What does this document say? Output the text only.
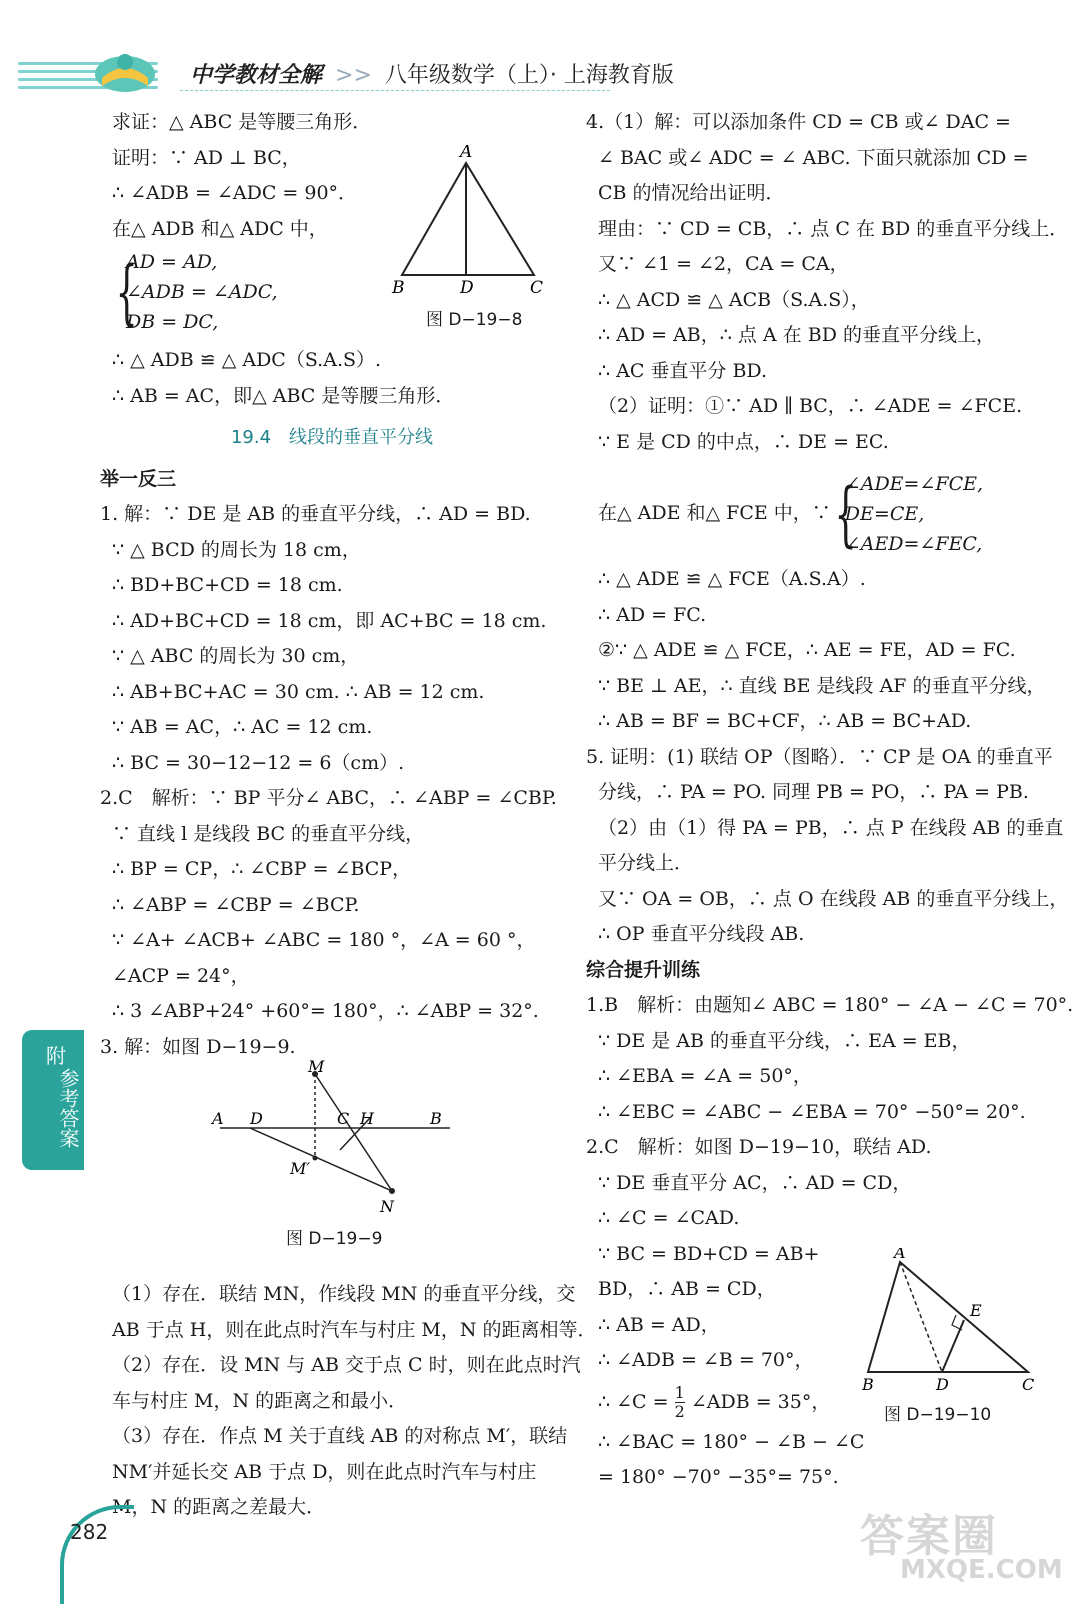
中学教材全解 >> 八年级数学（上）· 上海教育版
求证：△ ABC 是等腰三角形．
证明：∵ AD ⊥ BC，
∴ ∠ADB = ∠ADC = 90°．
在△ ADB 和△ ADC 中，
{
AD = AD,
∠ADB = ∠ADC,
DB = DC,
∴ △ ADB ≌ △ ADC（S.A.S）.
∴ AB = AC，即△ ABC 是等腰三角形．
19.4　线段的垂直平分线
举一反三
1. 解：∵ DE 是 AB 的垂直平分线，∴ AD = BD.
∵ △ BCD 的周长为 18 cm，
∴ BD+BC+CD = 18 cm.
∴ AD+BC+CD = 18 cm，即 AC+BC = 18 cm.
∵ △ ABC 的周长为 30 cm，
∴ AB+BC+AC = 30 cm. ∴ AB = 12 cm.
∵ AB = AC，∴ AC = 12 cm.
∴ BC = 30−12−12 = 6（cm）.
2.C　解析：∵ BP 平分∠ ABC，∴ ∠ABP = ∠CBP.
∵ 直线 l 是线段 BC 的垂直平分线，
∴ BP = CP，∴ ∠CBP = ∠BCP，
∴ ∠ABP = ∠CBP = ∠BCP.
∵ ∠A+ ∠ACB+ ∠ABC = 180 °，∠A = 60 °，
∠ACP = 24°，
∴ 3 ∠ABP+24° +60°= 180°，∴ ∠ABP = 32°.
3. 解：如图 D−19−9.
（1）存在．联结 MN，作线段 MN 的垂直平分线，交
AB 于点 H，则在此点时汽车与村庄 M，N 的距离相等．
（2）存在．设 MN 与 AB 交于点 C 时，则在此点时汽
车与村庄 M，N 的距离之和最小．
（3）存在．作点 M 关于直线 AB 的对称点 M′，联结
NM′并延长交 AB 于点 D，则在此点时汽车与村庄
M，N 的距离之差最大．
A
B	D	C
图 D−19−8
M
A D	C H	B
M′
N
图 D−19−9
4.（1）解：可以添加条件 CD = CB 或∠ DAC =
∠ BAC 或∠ ADC = ∠ ABC. 下面只就添加 CD =
CB 的情况给出证明．
理由：∵ CD = CB，∴ 点 C 在 BD 的垂直平分线上．
又∵ ∠1 = ∠2，CA = CA，
∴ △ ACD ≌ △ ACB（S.A.S），
∴ AD = AB，∴ 点 A 在 BD 的垂直平分线上，
∴ AC 垂直平分 BD.
（2）证明：①∵ AD ∥ BC，∴ ∠ADE = ∠FCE.
∵ E 是 CD 的中点，∴ DE = EC.
在△ ADE 和△ FCE 中，∵ {
∠ADE=∠FCE,
DE=CE,
∠AED=∠FEC,
∴ △ ADE ≌ △ FCE（A.S.A）.
∴ AD = FC.
②∵ △ ADE ≌ △ FCE，∴ AE = FE，AD = FC.
∵ BE ⊥ AE，∴ 直线 BE 是线段 AF 的垂直平分线，
∴ AB = BF = BC+CF，∴ AB = BC+AD.
5. 证明：(1) 联结 OP（图略）．∵ CP 是 OA 的垂直平
分线，∴ PA = PO. 同理 PB = PO，∴ PA = PB.
（2）由（1）得 PA = PB，∴ 点 P 在线段 AB 的垂直
平分线上．
又∵ OA = OB，∴ 点 O 在线段 AB 的垂直平分线上，
∴ OP 垂直平分线段 AB.
综合提升训练
1.B　解析：由题知∠ ABC = 180° − ∠A − ∠C = 70°.
∵ DE 是 AB 的垂直平分线，∴ EA = EB，
∴ ∠EBA = ∠A = 50°，
∴ ∠EBC = ∠ABC − ∠EBA = 70° −50°= 20°.
2.C　解析：如图 D−19−10，联结 AD.
∵ DE 垂直平分 AC，∴ AD = CD，
∴ ∠C = ∠CAD.
∵ BC = BD+CD = AB+
BD，∴ AB = CD，
∴ AB = AD，
∴ ∠ADB = ∠B = 70°，
∴ ∠C = $\frac{1}{2}$ ∠ADB = 35°，
∴ ∠BAC = 180° − ∠B − ∠C
= 180° −70° −35°= 75°.
A
E
B	D	C
图 D−19−10
附
参考答案
282	答案圈
MXQE.COM
